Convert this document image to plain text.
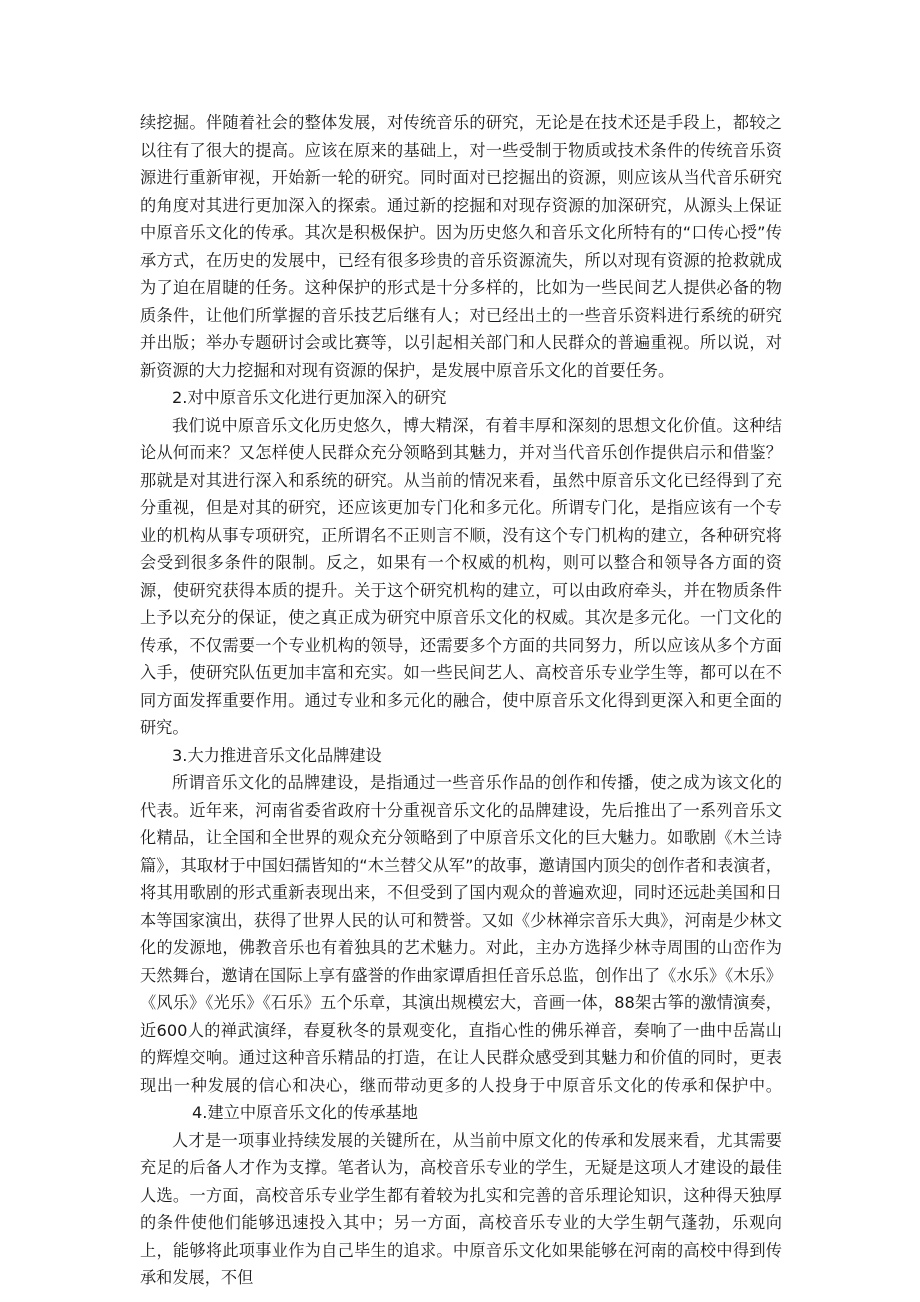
续挖掘。伴随着社会的整体发展，对传统音乐的研究，无论是在技术还是手段上，都较之以往有了很大的提高。应该在原来的基础上，对一些受制于物质或技术条件的传统音乐资源进行重新审视，开始新一轮的研究。同时面对已挖掘出的资源，则应该从当代音乐研究的角度对其进行更加深入的探索。通过新的挖掘和对现存资源的加深研究，从源头上保证中原音乐文化的传承。其次是积极保护。因为历史悠久和音乐文化所特有的“口传心授”传承方式，在历史的发展中，已经有很多珍贵的音乐资源流失，所以对现有资源的抢救就成为了迫在眉睫的任务。这种保护的形式是十分多样的，比如为一些民间艺人提供必备的物质条件，让他们所掌握的音乐技艺后继有人；对已经出土的一些音乐资料进行系统的研究并出版；举办专题研讨会或比赛等，以引起相关部门和人民群众的普遍重视。所以说，对新资源的大力挖掘和对现有资源的保护，是发展中原音乐文化的首要任务。

2.对中原音乐文化进行更加深入的研究

我们说中原音乐文化历史悠久，博大精深，有着丰厚和深刻的思想文化价值。这种结论从何而来？又怎样使人民群众充分领略到其魅力，并对当代音乐创作提供启示和借鉴？那就是对其进行深入和系统的研究。从当前的情况来看，虽然中原音乐文化已经得到了充分重视，但是对其的研究，还应该更加专门化和多元化。所谓专门化，是指应该有一个专业的机构从事专项研究，正所谓名不正则言不顺，没有这个专门机构的建立，各种研究将会受到很多条件的限制。反之，如果有一个权威的机构，则可以整合和领导各方面的资源，使研究获得本质的提升。关于这个研究机构的建立，可以由政府牵头，并在物质条件上予以充分的保证，使之真正成为研究中原音乐文化的权威。其次是多元化。一门文化的传承，不仅需要一个专业机构的领导，还需要多个方面的共同努力，所以应该从多个方面入手，使研究队伍更加丰富和充实。如一些民间艺人、高校音乐专业学生等，都可以在不同方面发挥重要作用。通过专业和多元化的融合，使中原音乐文化得到更深入和更全面的研究。

3.大力推进音乐文化品牌建设

所谓音乐文化的品牌建设，是指通过一些音乐作品的创作和传播，使之成为该文化的代表。近年来，河南省委省政府十分重视音乐文化的品牌建设，先后推出了一系列音乐文化精品，让全国和全世界的观众充分领略到了中原音乐文化的巨大魅力。如歌剧《木兰诗篇》，其取材于中国妇孺皆知的“木兰替父从军”的故事，邀请国内顶尖的创作者和表演者，将其用歌剧的形式重新表现出来，不但受到了国内观众的普遍欢迎，同时还远赴美国和日本等国家演出，获得了世界人民的认可和赞誉。又如《少林禅宗音乐大典》，河南是少林文化的发源地，佛教音乐也有着独具的艺术魅力。对此，主办方选择少林寺周围的山峦作为天然舞台，邀请在国际上享有盛誉的作曲家谭盾担任音乐总监，创作出了《水乐》《木乐》《风乐》《光乐》《石乐》五个乐章，其演出规模宏大，音画一体，88架古筝的激情演奏，近600人的禅武演绎，春夏秋冬的景观变化，直指心性的佛乐禅音，奏响了一曲中岳嵩山的辉煌交响。通过这种音乐精品的打造，在让人民群众感受到其魅力和价值的同时，更表现出一种发展的信心和决心，继而带动更多的人投身于中原音乐文化的传承和保护中。4.建立中原音乐文化的传承基地

人才是一项事业持续发展的关键所在，从当前中原文化的传承和发展来看，尤其需要充足的后备人才作为支撑。笔者认为，高校音乐专业的学生，无疑是这项人才建设的最佳人选。一方面，高校音乐专业学生都有着较为扎实和完善的音乐理论知识，这种得天独厚的条件使他们能够迅速投入其中；另一方面，高校音乐专业的大学生朝气蓬勃，乐观向上，能够将此项事业作为自己毕生的追求。中原音乐文化如果能够在河南的高校中得到传承和发展，不但
